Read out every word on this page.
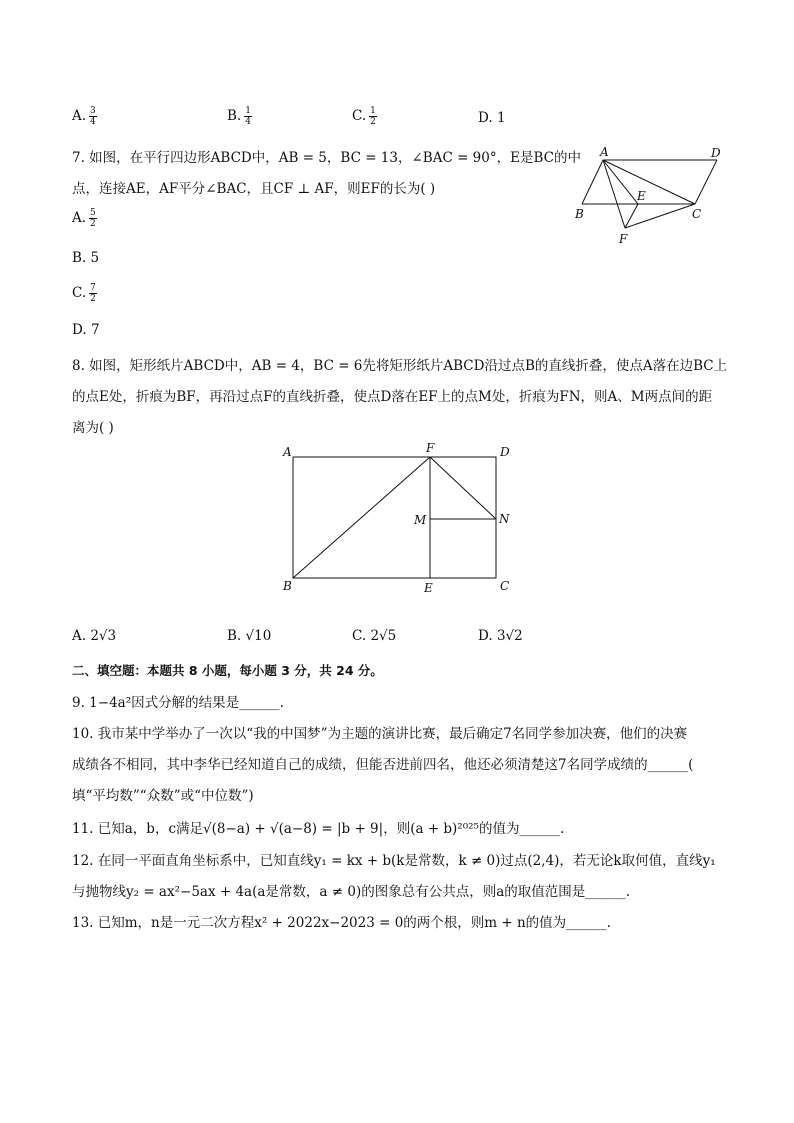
A. $\frac{3}{4}$	B. $\frac{1}{4}$	C. $\frac{1}{2}$	D. 1
7. 如图，在平行四边形ABCD中，AB = 5，BC = 13，∠BAC = 90°，E是BC的中
点，连接AE，AF平分∠BAC，且CF ⊥ AF，则EF的长为( )
A. $\frac{5}{2}$
B. 5
C. $\frac{7}{2}$
D. 7
A	D
B	C
E
F
8. 如图，矩形纸片ABCD中，AB = 4，BC = 6先将矩形纸片ABCD沿过点B的直线折叠，使点A落在边BC上
的点E处，折痕为BF，再沿过点F的直线折叠，使点D落在EF上的点M处，折痕为FN，则A、M两点间的距
离为( )
A	F	D
M	N
B	E	C
A. 2√3	B. √10	C. 2√5	D. 3√2
二、填空题：本题共 8 小题，每小题 3 分，共 24 分。
9. 1−4a²因式分解的结果是______.
10. 我市某中学举办了一次以“我的中国梦”为主题的演讲比赛，最后确定7名同学参加决赛，他们的决赛
成绩各不相同，其中李华已经知道自己的成绩，但能否进前四名，他还必须清楚这7名同学成绩的______(
填“平均数”“众数”或“中位数”)
11. 已知a，b，c满足√(8−a) + √(a−8) = |b + 9|，则(a + b)²⁰²⁵的值为______.
12. 在同一平面直角坐标系中，已知直线y₁ = kx + b(k是常数，k ≠ 0)过点(2,4)，若无论k取何值，直线y₁
与抛物线y₂ = ax²−5ax + 4a(a是常数，a ≠ 0)的图象总有公共点，则a的取值范围是______.
13. 已知m，n是一元二次方程x² + 2022x−2023 = 0的两个根，则m + n的值为______.
